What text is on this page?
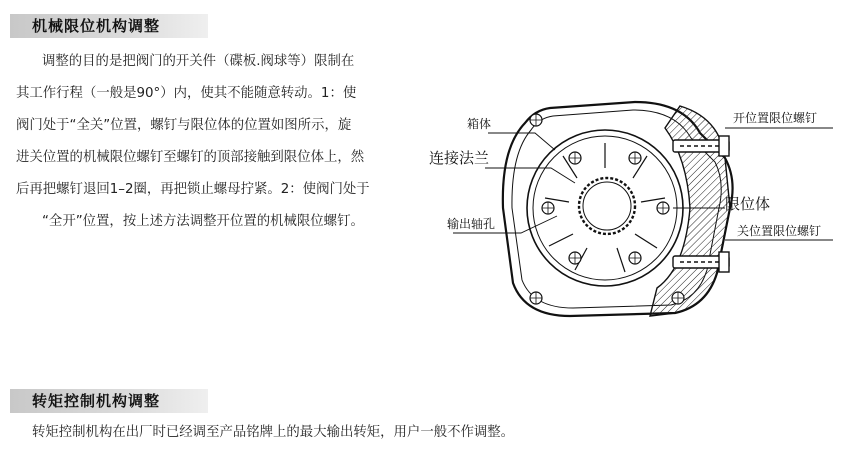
机械限位机构调整

调整的目的是把阀门的开关件（碟板.阀球等）限制在

其工作行程（一般是90°）内，使其不能随意转动。1：使

阀门处于“全关”位置，螺钉与限位体的位置如图所示，旋

进关位置的机械限位螺钉至螺钉的顶部接触到限位体上，然

后再把螺钉退回1–2圈，再把锁止螺母拧紧。2：使阀门处于

“全开”位置，按上述方法调整开位置的机械限位螺钉。

箱体
连接法兰
输出轴孔
开位置限位螺钉
限位体
关位置限位螺钉
转矩控制机构调整
转矩控制机构在出厂时已经调至产品铭牌上的最大输出转矩，用户一般不作调整。
